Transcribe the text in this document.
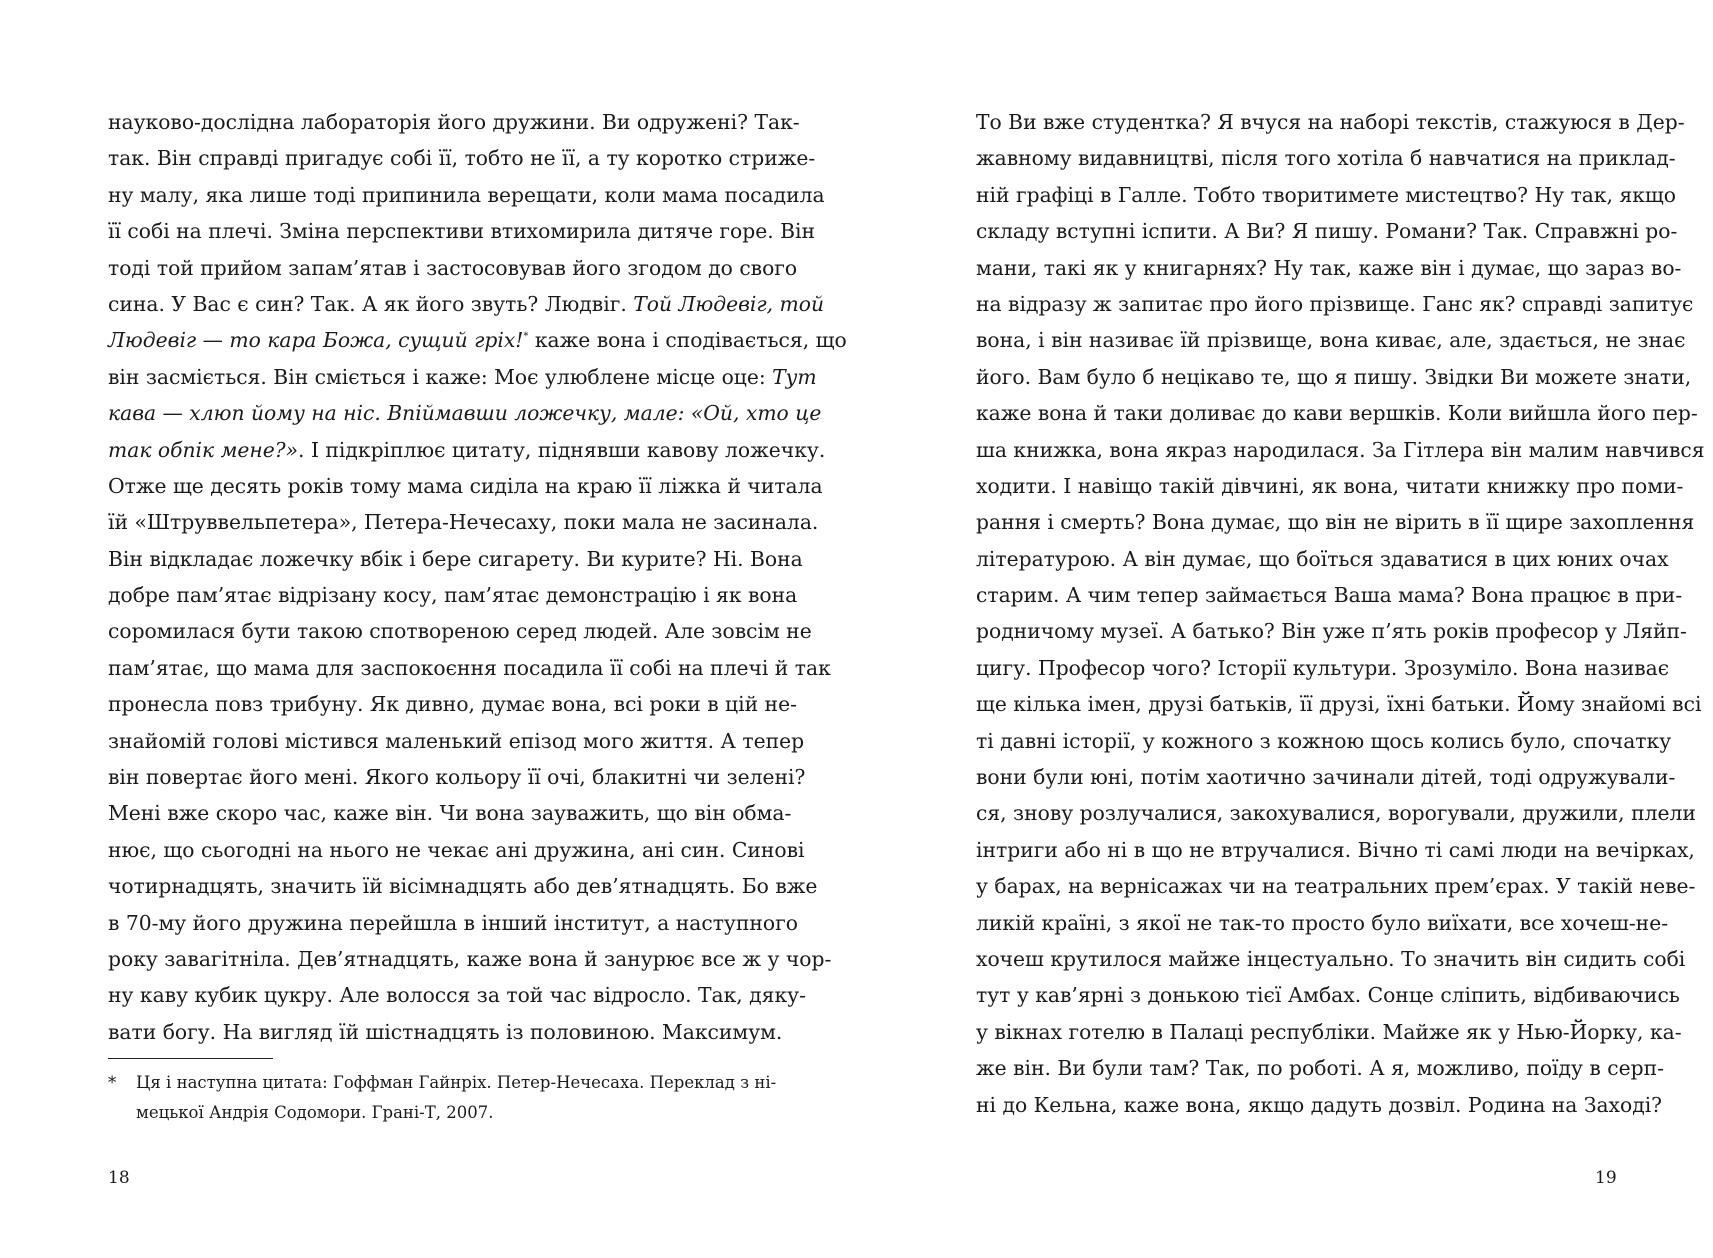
науково-дослідна лабораторія його дружини. Ви одружені? Так-
так. Він справді пригадує собі її, тобто не її, а ту коротко стриже-
ну малу, яка лише тоді припинила верещати, коли мама посадила
її собі на плечі. Зміна перспективи втихомирила дитяче горе. Він
тоді той прийом запам’ятав і застосовував його згодом до свого
сина. У Вас є син? Так. А як його звуть? Людвіг. Той Людевіг, той
Людевіг — то кара Божа, сущий гріх!* каже вона і сподівається, що
він засміється. Він сміється і каже: Моє улюблене місце оце: Тут
кава — хлюп йому на ніс. Впіймавши ложечку, мале: «Ой, хто це
так обпік мене?». І підкріплює цитату, піднявши кавову ложечку.
Отже ще десять років тому мама сиділа на краю її ліжка й читала
їй «Штруввельпетера», Петера-Нечесаху, поки мала не засинала.
Він відкладає ложечку вбік і бере сигарету. Ви курите? Ні. Вона
добре пам’ятає відрізану косу, пам’ятає демонстрацію і як вона
соромилася бути такою спотвореною серед людей. Але зовсім не
пам’ятає, що мама для заспокоєння посадила її собі на плечі й так
пронесла повз трибуну. Як дивно, думає вона, всі роки в цій не-
знайомій голові містився маленький епізод мого життя. А тепер
він повертає його мені. Якого кольору її очі, блакитні чи зелені?
Мені вже скоро час, каже він. Чи вона зауважить, що він обма-
нює, що сьогодні на нього не чекає ані дружина, ані син. Синові
чотирнадцять, значить їй вісімнадцять або дев’ятнадцять. Бо вже
в 70-му його дружина перейшла в інший інститут, а наступного
року завагітніла. Дев’ятнадцять, каже вона й занурює все ж у чор-
ну каву кубик цукру. Але волосся за той час відросло. Так, дяку-
вати богу. На вигляд їй шістнадцять із половиною. Максимум.
* Ця і наступна цитата: Гоффман Гайнріх. Петер-Нечесаха. Переклад з ні-
мецької Андрія Содомори. Грані-Т, 2007.
18
То Ви вже студентка? Я вчуся на наборі текстів, стажуюся в Дер-
жавному видавництві, після того хотіла б навчатися на приклад-
ній графіці в Галле. Тобто творитимете мистецтво? Ну так, якщо
складу вступні іспити. А Ви? Я пишу. Романи? Так. Справжні ро-
мани, такі як у книгарнях? Ну так, каже він і думає, що зараз во-
на відразу ж запитає про його прізвище. Ганс як? справді запитує
вона, і він називає їй прізвище, вона киває, але, здається, не знає
його. Вам було б нецікаво те, що я пишу. Звідки Ви можете знати,
каже вона й таки доливає до кави вершків. Коли вийшла його пер-
ша книжка, вона якраз народилася. За Гітлера він малим навчився
ходити. І навіщо такій дівчині, як вона, читати книжку про поми-
рання і смерть? Вона думає, що він не вірить в її щире захоплення
літературою. А він думає, що боїться здаватися в цих юних очах
старим. А чим тепер займається Ваша мама? Вона працює в при-
родничому музеї. А батько? Він уже п’ять років професор у Ляйп-
цигу. Професор чого? Історії культури. Зрозуміло. Вона називає
ще кілька імен, друзі батьків, її друзі, їхні батьки. Йому знайомі всі
ті давні історії, у кожного з кожною щось колись було, спочатку
вони були юні, потім хаотично зачинали дітей, тоді одружували-
ся, знову розлучалися, закохувалися, ворогували, дружили, плели
інтриги або ні в що не втручалися. Вічно ті самі люди на вечірках,
у барах, на вернісажах чи на театральних прем’єрах. У такій неве-
ликій країні, з якої не так-то просто було виїхати, все хочеш-не-
хочеш крутилося майже інцестуально. То значить він сидить собі
тут у кав’ярні з донькою тієї Амбах. Сонце сліпить, відбиваючись
у вікнах готелю в Палаці республіки. Майже як у Нью-Йорку, ка-
же він. Ви були там? Так, по роботі. А я, можливо, поїду в серп-
ні до Кельна, каже вона, якщо дадуть дозвіл. Родина на Заході?
19
